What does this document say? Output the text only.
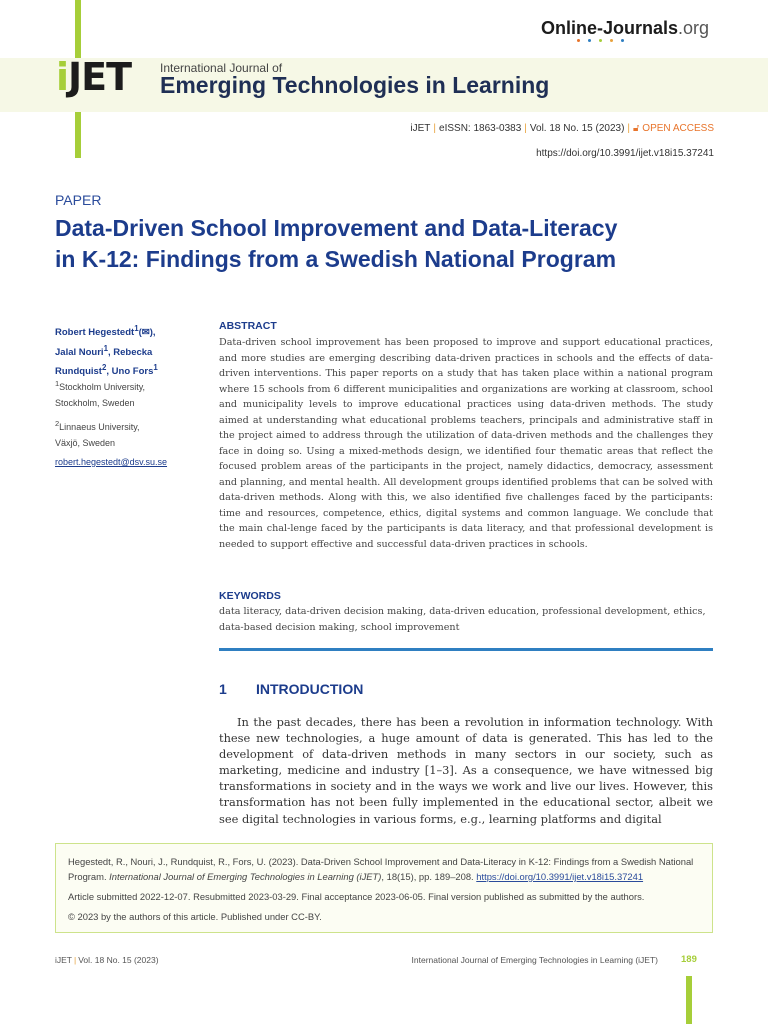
iJET International Journal of
Emerging Technologies in Learning
Online-Journals.org
iJET | eISSN: 1863-0383 | Vol. 18 No. 15 (2023) | 🔓︎ OPEN ACCESS
https://doi.org/10.3991/ijet.v18i15.37241
PAPER
Data-Driven School Improvement and Data-Literacy
in K-12: Findings from a Swedish National Program
Robert Hegestedt$^1$(✉),
Jalal Nouri$^1$, Rebecka
Rundquist$^2$, Uno Fors$^1$
$^1$Stockholm University,
Stockholm, Sweden
$^2$Linnaeus University,
Växjö, Sweden
robert.hegestedt@dsv.su.se
ABSTRACT
Data-driven school improvement has been proposed to improve and support educational practices, and more studies are emerging describing data-driven practices in schools and the effects of data-driven interventions. This paper reports on a study that has taken place within a national program where 15 schools from 6 different municipalities and organizations are working at classroom, school and municipality levels to improve educational practices using data-driven methods. The study aimed at understanding what educational problems teachers, principals and administrative staff in the project aimed to address through the utilization of data-driven methods and the challenges they face in doing so. Using a mixed-methods design, we identified four thematic areas that reflect the focused problem areas of the participants in the project, namely didactics, democracy, assessment and planning, and mental health. All development groups identified problems that can be solved with data-driven methods. Along with this, we also identified five challenges faced by the participants: time and resources, competence, ethics, digital systems and common language. We conclude that the main chal-lenge faced by the participants is data literacy, and that professional development is needed to support effective and successful data-driven practices in schools.
KEYWORDS
data literacy, data-driven decision making, data-driven education, professional development, ethics, data-based decision making, school improvement
1 INTRODUCTION
In the past decades, there has been a revolution in information technology. With these new technologies, a huge amount of data is generated. This has led to the development of data-driven methods in many sectors in our society, such as marketing, medicine and industry [1–3]. As a consequence, we have witnessed big transformations in society and in the ways we work and live our lives. However, this transformation has not been fully implemented in the educational sector, albeit we see digital technologies in various forms, e.g., learning platforms and digital

Hegestedt, R., Nouri, J., Rundquist, R., Fors, U. (2023). Data-Driven School Improvement and Data-Literacy in K-12: Findings from a Swedish National Program. International Journal of Emerging Technologies in Learning (iJET), 18(15), pp. 189–208. https://doi.org/10.3991/ijet.v18i15.37241

Article submitted 2022-12-07. Resubmitted 2023-03-29. Final acceptance 2023-06-05. Final version published as submitted by the authors.

© 2023 by the authors of this article. Published under CC-BY.

iJET | Vol. 18 No. 15 (2023)	International Journal of Emerging Technologies in Learning (iJET) 189
